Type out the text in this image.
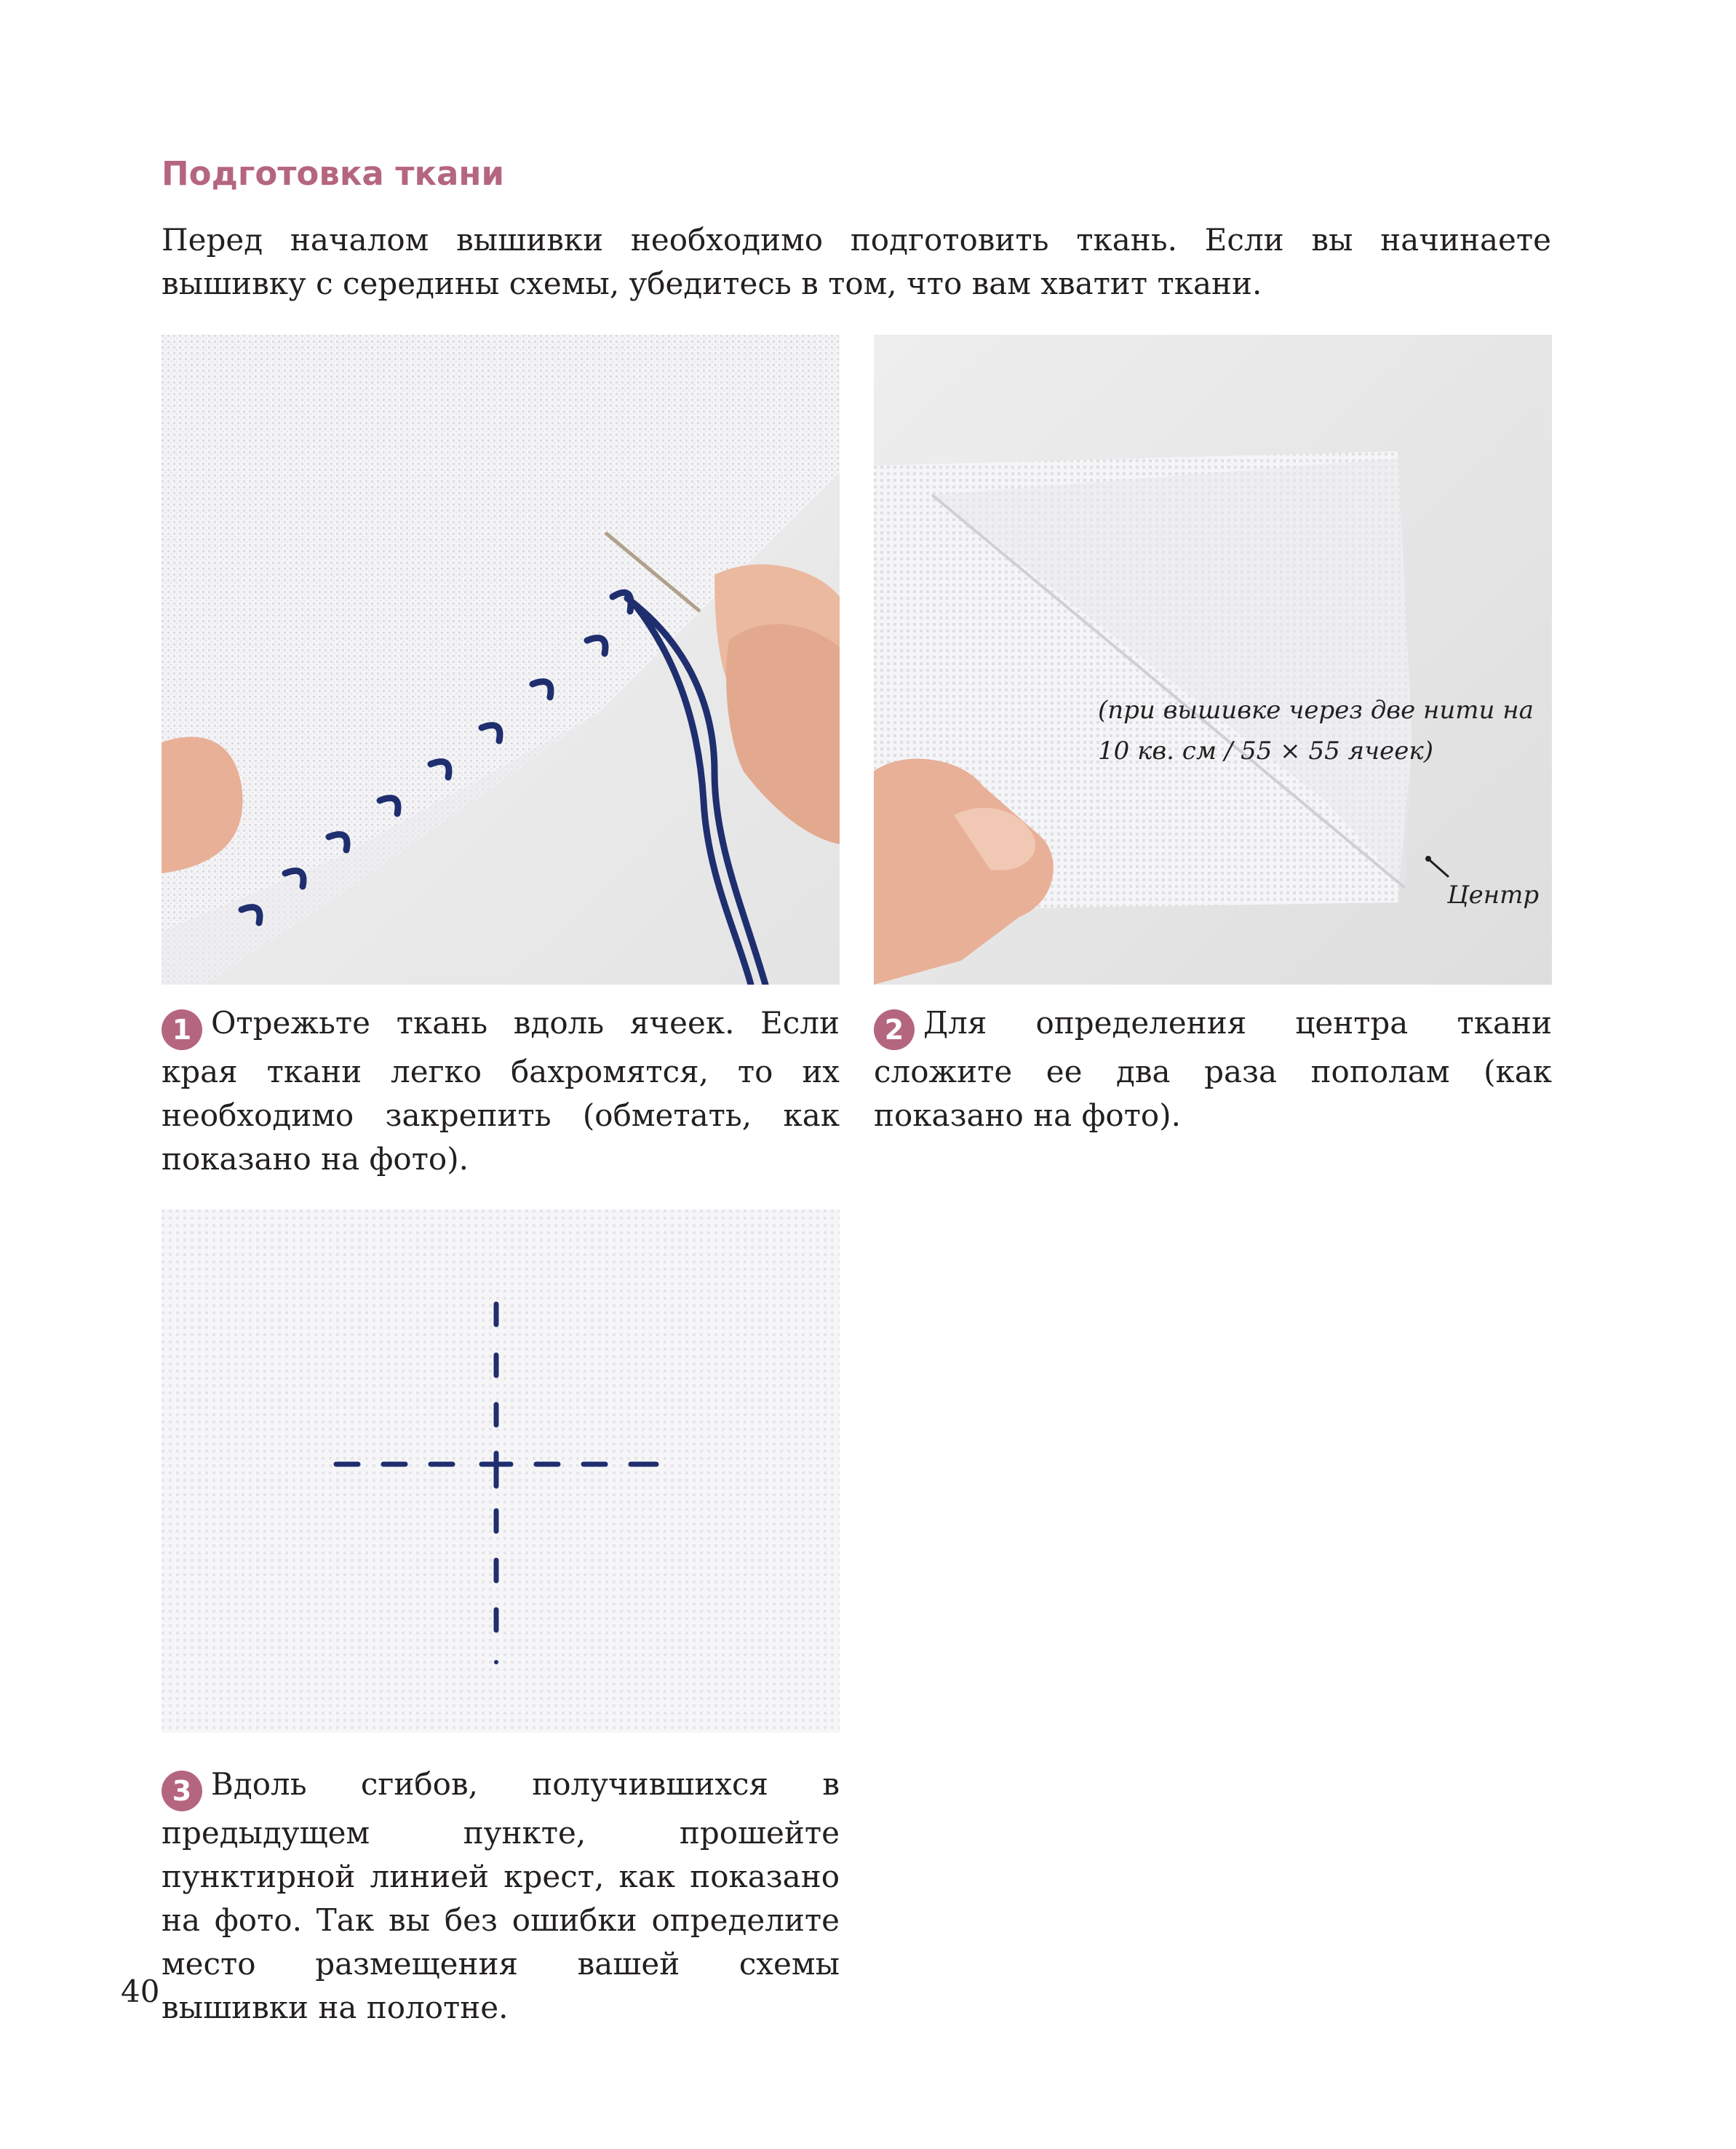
Подготовка ткани

Перед началом вышивки необходимо подготовить ткань. Если вы начинаете вышивку с середины схемы, убедитесь в том, что вам хватит ткани.

(при вышивке через две нити на 10 кв. см / 55 × 55 ячеек)
Центр

1 Отрежьте ткань вдоль ячеек. Если края ткани легко бахромятся, то их необходимо закрепить (обметать, как показано на фото).

2 Для определения центра ткани сложите ее два раза пополам (как показано на фото).

3 Вдоль сгибов, получившихся в предыдущем пункте, прошейте пунктирной линией крест, как показано на фото. Так вы без ошибки определите место размещения вашей схемы вышивки на полотне.

40
